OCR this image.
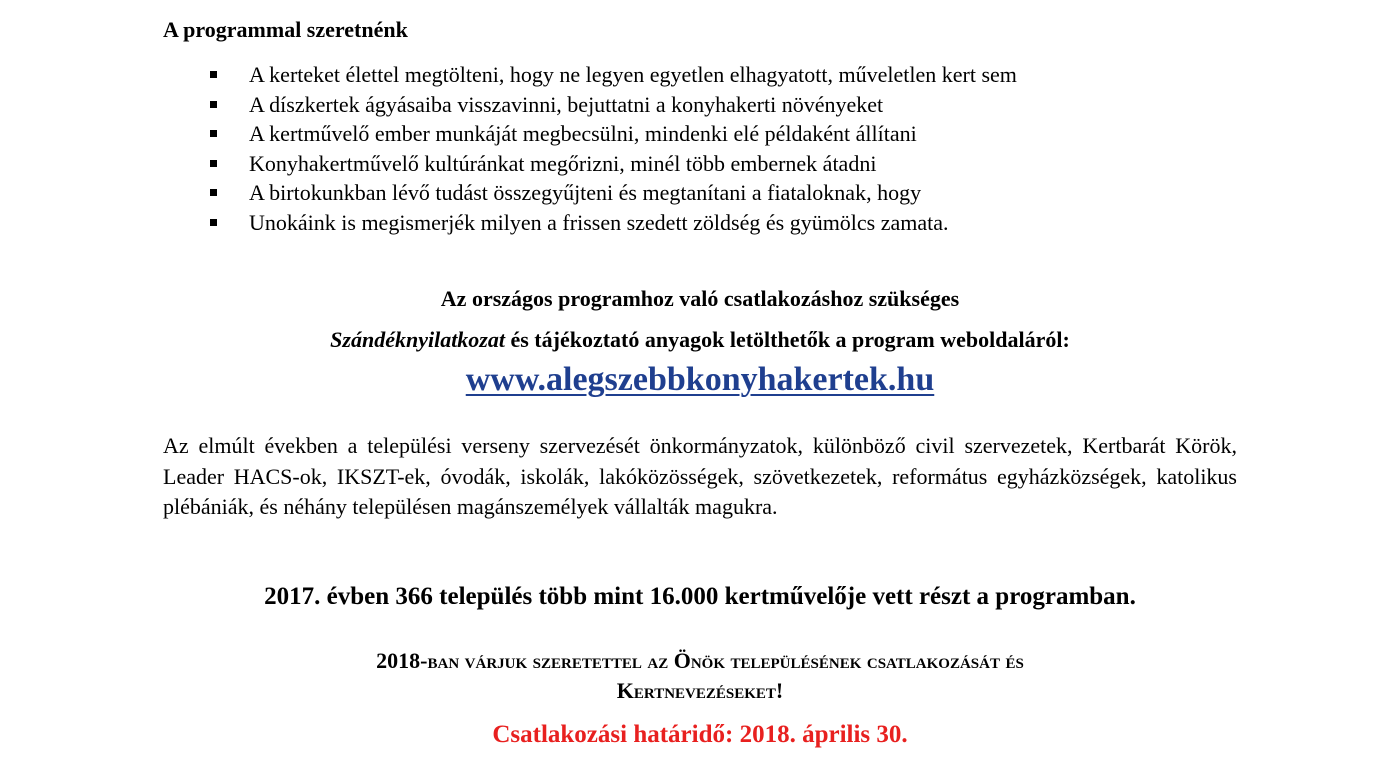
A programmal szeretnénk
A kerteket élettel megtölteni, hogy ne legyen egyetlen elhagyatott, műveletlen kert sem
A díszkertek ágyásaiba visszavinni, bejuttatni a konyhakerti növényeket
A kertművelő ember munkáját megbecsülni, mindenki elé példaként állítani
Konyhakertművelő kultúránkat megőrizni, minél több embernek átadni
A birtokunkban lévő tudást összegyűjteni és megtanítani a fiataloknak, hogy
Unokáink is megismerjék milyen a frissen szedett zöldség és gyümölcs zamata.
Az országos programhoz való csatlakozáshoz szükséges
Szándéknyilatkozat és tájékoztató anyagok letölthetők a program weboldaláról:
www.alegszebbkonyhakertek.hu

Az elmúlt években a települési verseny szervezését önkormányzatok, különböző civil szervezetek, Kertbarát Körök, Leader HACS-ok, IKSZT-ek, óvodák, iskolák, lakóközösségek, szövetkezetek, református egyházközségek, katolikus plébániák, és néhány településen magánszemélyek vállalták magukra.

2017. évben 366 település több mint 16.000 kertművelője vett részt a programban.
2018-ban várjuk szeretettel az Önök településének csatlakozását és
Kertnevezéseket!
Csatlakozási határidő: 2018. április 30.
